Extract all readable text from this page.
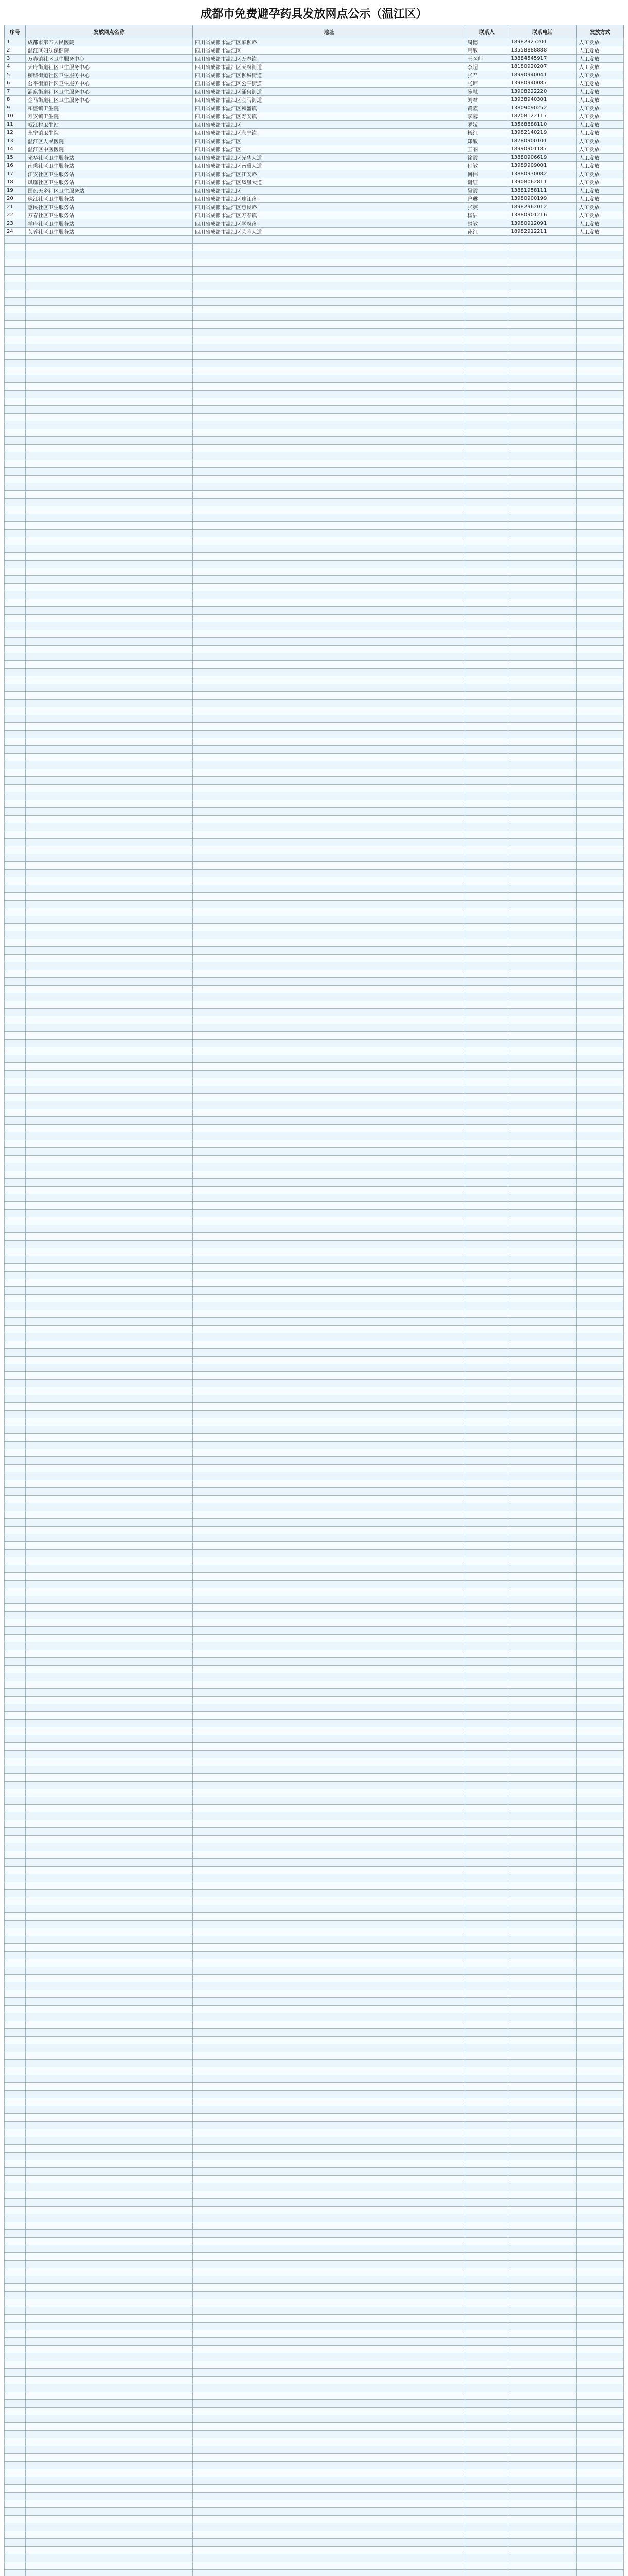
成都市免费避孕药具发放网点公示（温江区）
序号	发放网点名称	地址	联系人	联系电话	发放方式
1	成都市第五人民医院	四川省成都市温江区麻柳路	周德	18982927201	人工发放
2	温江区妇幼保健院	四川省成都市温江区	唐敏	13558888888	人工发放
3	万春镇社区卫生服务中心	四川省成都市温江区万春镇	王医师	13884545917	人工发放
4	天府街道社区卫生服务中心	四川省成都市温江区天府街道	李超	18180920207	人工发放
5	柳城街道社区卫生服务中心	四川省成都市温江区柳城街道	张君	18990940041	人工发放
6	公平街道社区卫生服务中心	四川省成都市温江区公平街道	张珂	13980940087	人工发放
7	涌泉街道社区卫生服务中心	四川省成都市温江区涌泉街道	陈慧	13908222220	人工发放
8	金马街道社区卫生服务中心	四川省成都市温江区金马街道	刘君	13938940301	人工发放
9	和盛镇卫生院	四川省成都市温江区和盛镇	黄霞	13809090252	人工发放
10	寿安镇卫生院	四川省成都市温江区寿安镇	李蓉	18208122117	人工发放
11	岷江村卫生站	四川省成都市温江区	罗娇	13568888110	人工发放
12	永宁镇卫生院	四川省成都市温江区永宁镇	杨红	13982140219	人工发放
13	温江区人民医院	四川省成都市温江区	郑敏	18780900101	人工发放
14	温江区中医医院	四川省成都市温江区	王丽	18990901187	人工发放
15	光华社区卫生服务站	四川省成都市温江区光华大道	徐霞	13880906619	人工发放
16	南熏社区卫生服务站	四川省成都市温江区南熏大道	付敏	13989909001	人工发放
17	江安社区卫生服务站	四川省成都市温江区江安路	何伟	13880930082	人工发放
18	凤凰社区卫生服务站	四川省成都市温江区凤凰大道	谢红	13908062811	人工发放
19	国色天乡社区卫生服务站	四川省成都市温江区	吴霞	13881958111	人工发放
20	珠江社区卫生服务站	四川省成都市温江区珠江路	曾琳	13980900199	人工发放
21	惠民社区卫生服务站	四川省成都市温江区惠民路	张英	18982962012	人工发放
22	万春社区卫生服务站	四川省成都市温江区万春镇	杨洁	13880901216	人工发放
23	学府社区卫生服务站	四川省成都市温江区学府路	赵敏	13980912091	人工发放
24	芙蓉社区卫生服务站	四川省成都市温江区芙蓉大道	孙红	18982912211	人工发放
